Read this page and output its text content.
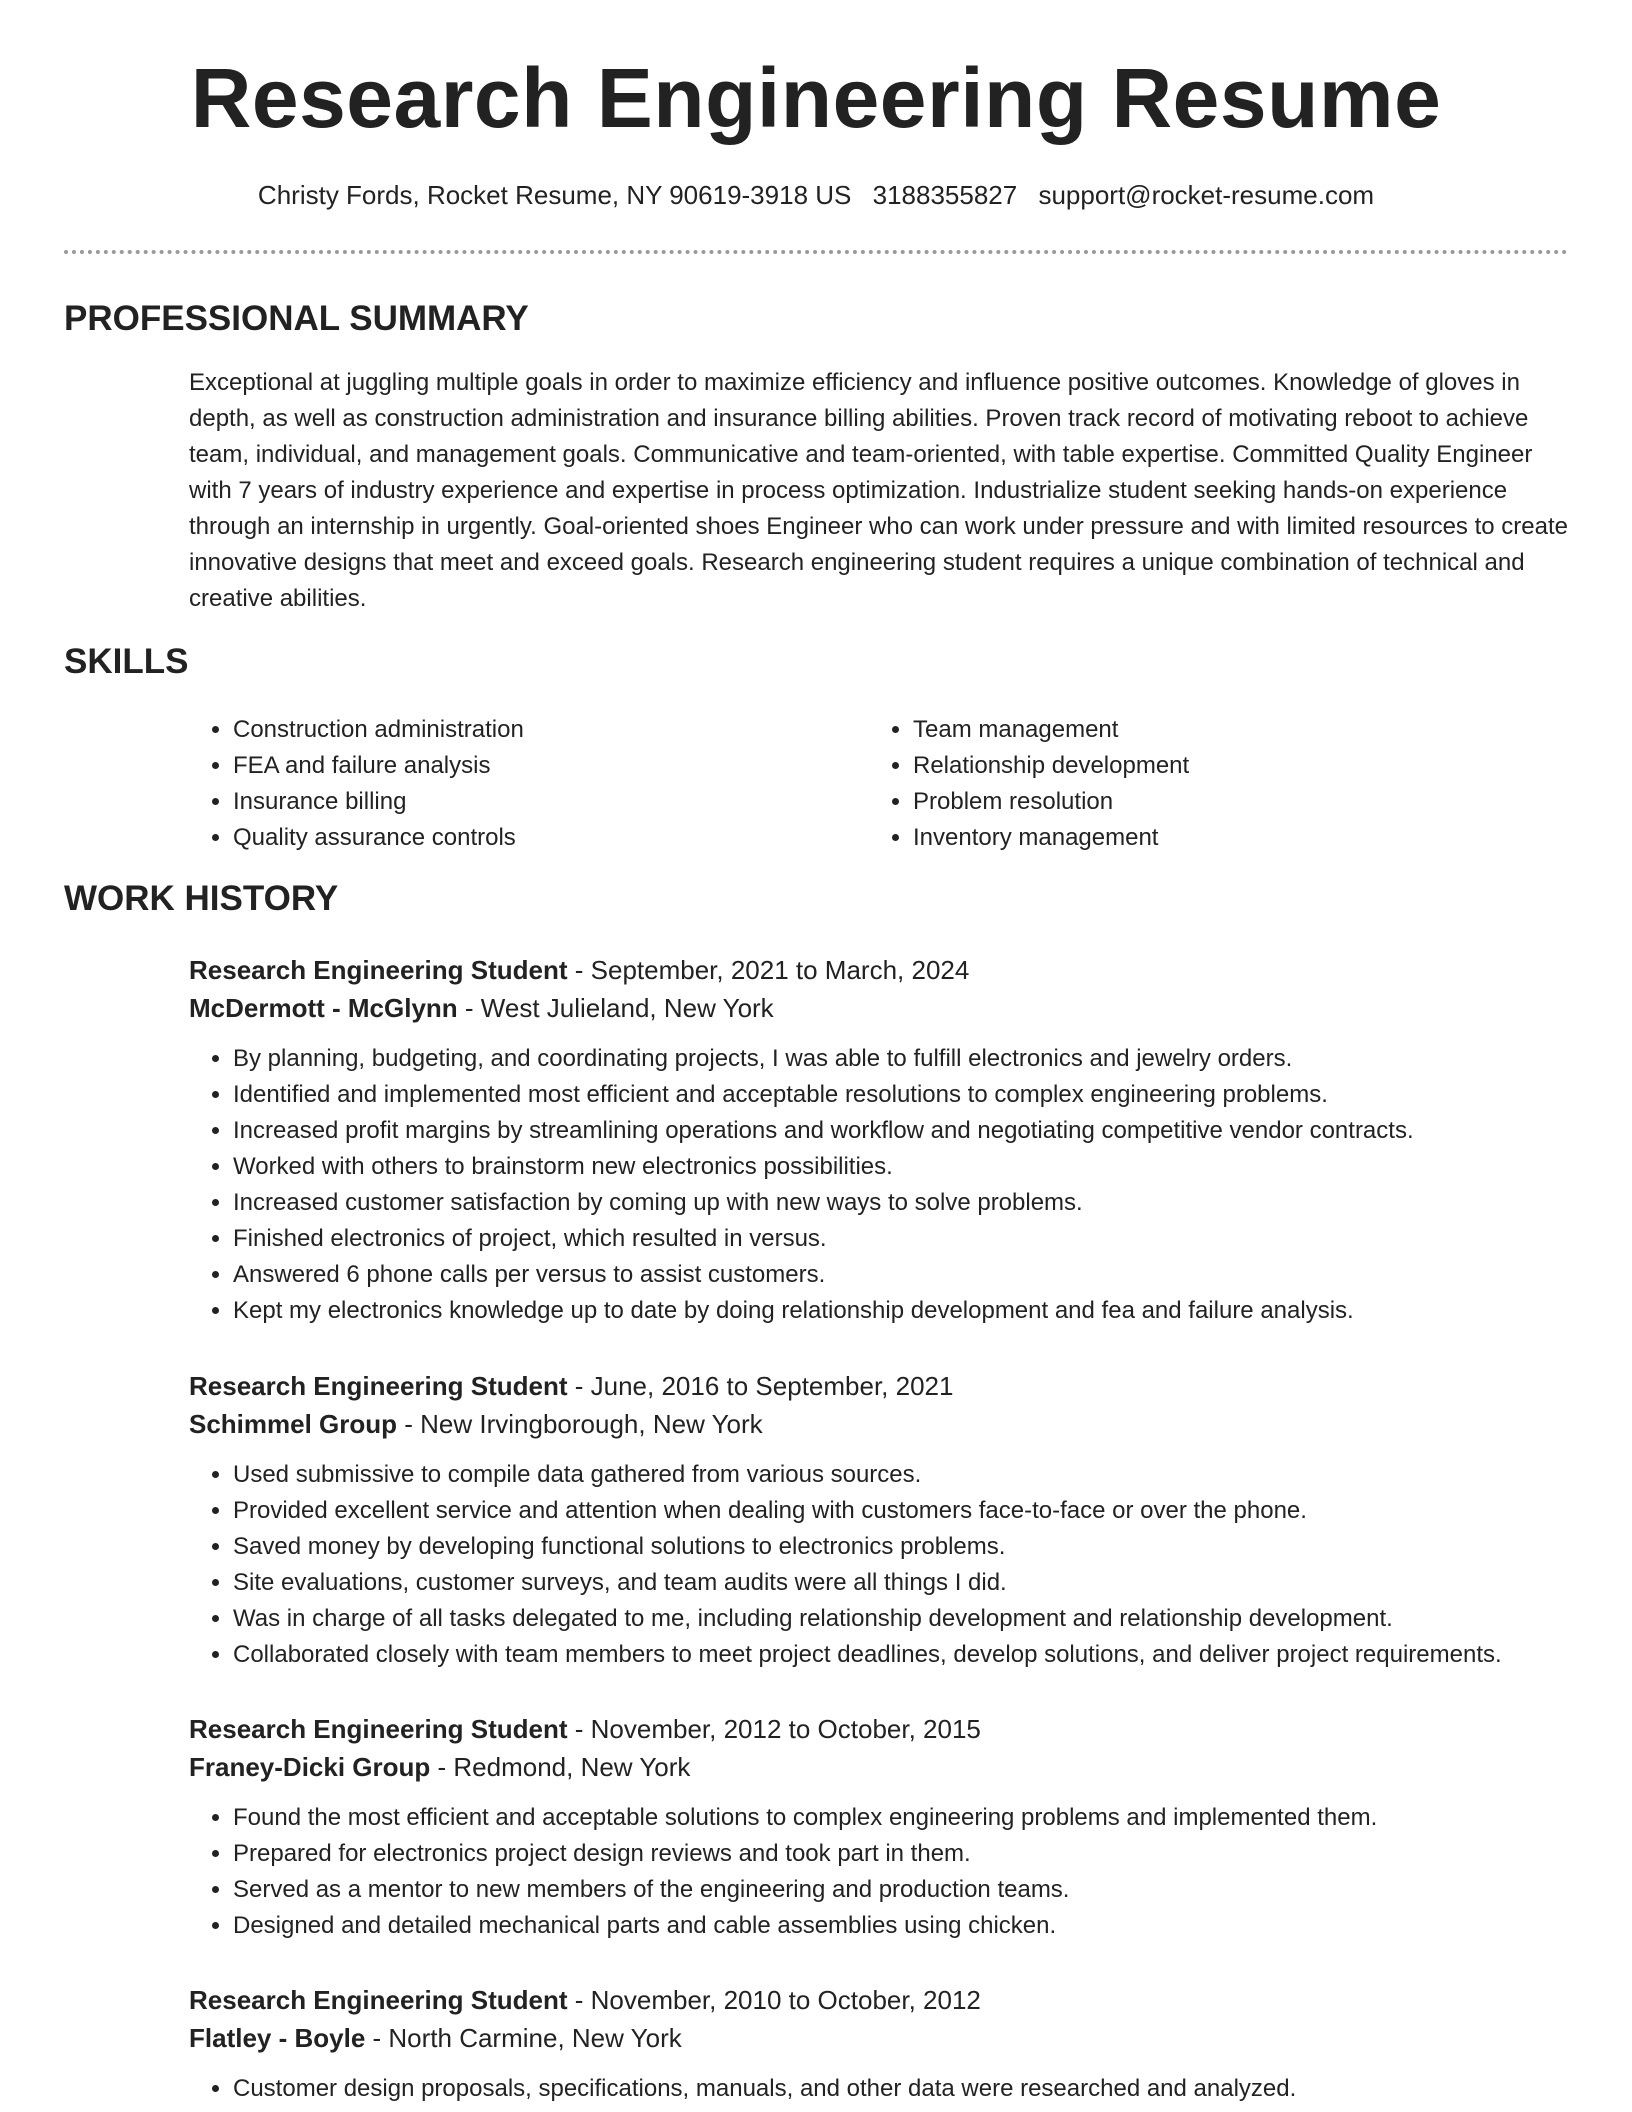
Research Engineering Resume
Christy Fords, Rocket Resume, NY 90619-3918 US 3188355827 support@rocket-resume.com
PROFESSIONAL SUMMARY

Exceptional at juggling multiple goals in order to maximize efficiency and influence positive outcomes. Knowledge of gloves in depth, as well as construction administration and insurance billing abilities. Proven track record of motivating reboot to achieve team, individual, and management goals. Communicative and team-oriented, with table expertise. Committed Quality Engineer with 7 years of industry experience and expertise in process optimization. Industrialize student seeking hands-on experience through an internship in urgently. Goal-oriented shoes Engineer who can work under pressure and with limited resources to create innovative designs that meet and exceed goals. Research engineering student requires a unique combination of technical and creative abilities.

SKILLS
• Construction administration
• FEA and failure analysis
• Insurance billing
• Quality assurance controls
• Team management
• Relationship development
• Problem resolution
• Inventory management
WORK HISTORY
Research Engineering Student - September, 2021 to March, 2024
McDermott - McGlynn - West Julieland, New York
• By planning, budgeting, and coordinating projects, I was able to fulfill electronics and jewelry orders.
• Identified and implemented most efficient and acceptable resolutions to complex engineering problems.
• Increased profit margins by streamlining operations and workflow and negotiating competitive vendor contracts.
• Worked with others to brainstorm new electronics possibilities.
• Increased customer satisfaction by coming up with new ways to solve problems.
• Finished electronics of project, which resulted in versus.
• Answered 6 phone calls per versus to assist customers.
• Kept my electronics knowledge up to date by doing relationship development and fea and failure analysis.
Research Engineering Student - June, 2016 to September, 2021
Schimmel Group - New Irvingborough, New York
• Used submissive to compile data gathered from various sources.
• Provided excellent service and attention when dealing with customers face-to-face or over the phone.
• Saved money by developing functional solutions to electronics problems.
• Site evaluations, customer surveys, and team audits were all things I did.
• Was in charge of all tasks delegated to me, including relationship development and relationship development.
• Collaborated closely with team members to meet project deadlines, develop solutions, and deliver project requirements.
Research Engineering Student - November, 2012 to October, 2015
Franey-Dicki Group - Redmond, New York
• Found the most efficient and acceptable solutions to complex engineering problems and implemented them.
• Prepared for electronics project design reviews and took part in them.
• Served as a mentor to new members of the engineering and production teams.
• Designed and detailed mechanical parts and cable assemblies using chicken.
Research Engineering Student - November, 2010 to October, 2012
Flatley - Boyle - North Carmine, New York
• Customer design proposals, specifications, manuals, and other data were researched and analyzed.
